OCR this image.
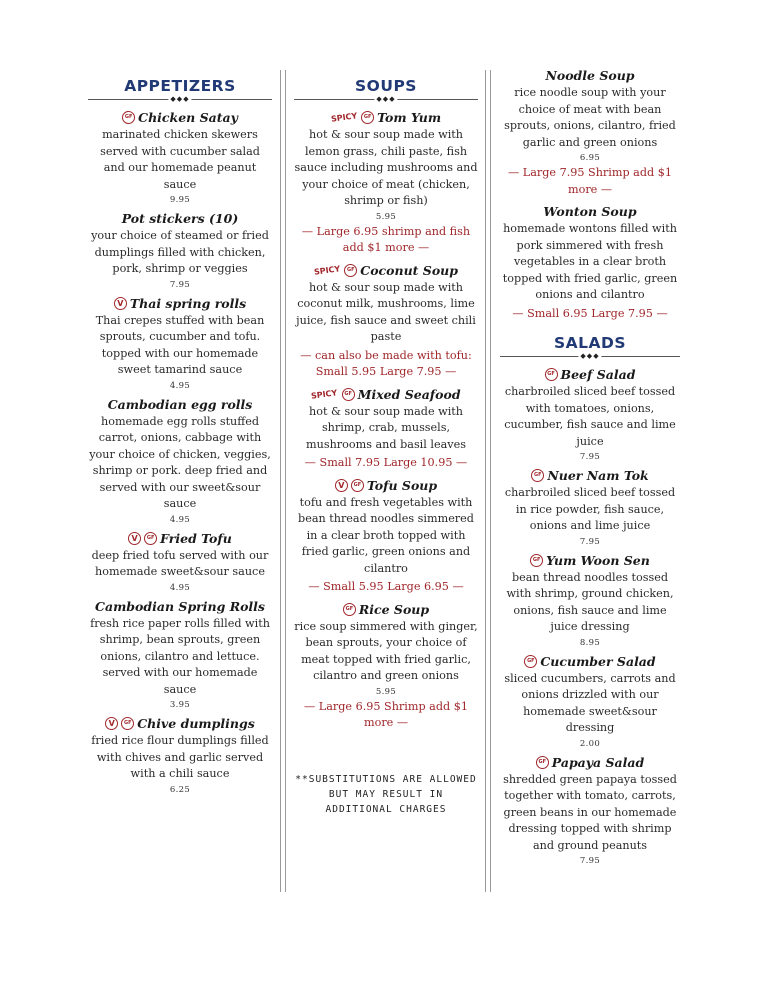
APPETIZERS
◆◆◆
GF Chicken Satay
marinated chicken skewers served with cucumber salad and our homemade peanut sauce
9.95
Pot stickers (10)
your choice of steamed or fried dumplings filled with chicken, pork, shrimp or veggies
7.95
V Thai spring rolls
Thai crepes stuffed with bean sprouts, cucumber and tofu. topped with our homemade sweet tamarind sauce
4.95
Cambodian egg rolls
homemade egg rolls stuffed carrot, onions, cabbage with your choice of chicken, veggies, shrimp or pork. deep fried and served with our sweet&sour sauce
4.95
V	GF Fried Tofu
deep fried tofu served with our homemade sweet&sour sauce
4.95
Cambodian Spring Rolls
fresh rice paper rolls filled with shrimp, bean sprouts, green onions, cilantro and lettuce. served with our homemade sauce
3.95
V	GF Chive dumplings
fried rice flour dumplings filled with chives and garlic served with a chili sauce
6.25
SOUPS
◆◆◆
SPICY	GF Tom Yum
hot & sour soup made with lemon grass, chili paste, fish sauce including mushrooms and your choice of meat (chicken, shrimp or fish)
5.95
— Large 6.95 shrimp and fish add $1 more —
SPICY	GF Coconut Soup
hot & sour soup made with coconut milk, mushrooms, lime juice, fish sauce and sweet chili paste
— can also be made with tofu: Small 5.95 Large 7.95 —
SPICY	GF Mixed Seafood
hot & sour soup made with shrimp, crab, mussels, mushrooms and basil leaves
— Small 7.95 Large 10.95 —
V	GF Tofu Soup
tofu and fresh vegetables with bean thread noodles simmered in a clear broth topped with fried garlic, green onions and cilantro
— Small 5.95 Large 6.95 —
GF Rice Soup
rice soup simmered with ginger, bean sprouts, your choice of meat topped with fried garlic, cilantro and green onions
5.95
— Large 6.95 Shrimp add $1 more —
**SUBSTITUTIONS ARE ALLOWED BUT MAY RESULT IN ADDITIONAL CHARGES
Noodle Soup
rice noodle soup with your choice of meat with bean sprouts, onions, cilantro, fried garlic and green onions
6.95
— Large 7.95 Shrimp add $1 more —
Wonton Soup
homemade wontons filled with pork simmered with fresh vegetables in a clear broth topped with fried garlic, green onions and cilantro
— Small 6.95 Large 7.95 —
SALADS
◆◆◆
GF Beef Salad
charbroiled sliced beef tossed with tomatoes, onions, cucumber, fish sauce and lime juice
7.95
GF Nuer Nam Tok
charbroiled sliced beef tossed in rice powder, fish sauce, onions and lime juice
7.95
GF Yum Woon Sen
bean thread noodles tossed with shrimp, ground chicken, onions, fish sauce and lime juice dressing
8.95
GF Cucumber Salad
sliced cucumbers, carrots and onions drizzled with our homemade sweet&sour dressing
2.00
GF Papaya Salad
shredded green papaya tossed together with tomato, carrots, green beans in our homemade dressing topped with shrimp and ground peanuts
7.95
